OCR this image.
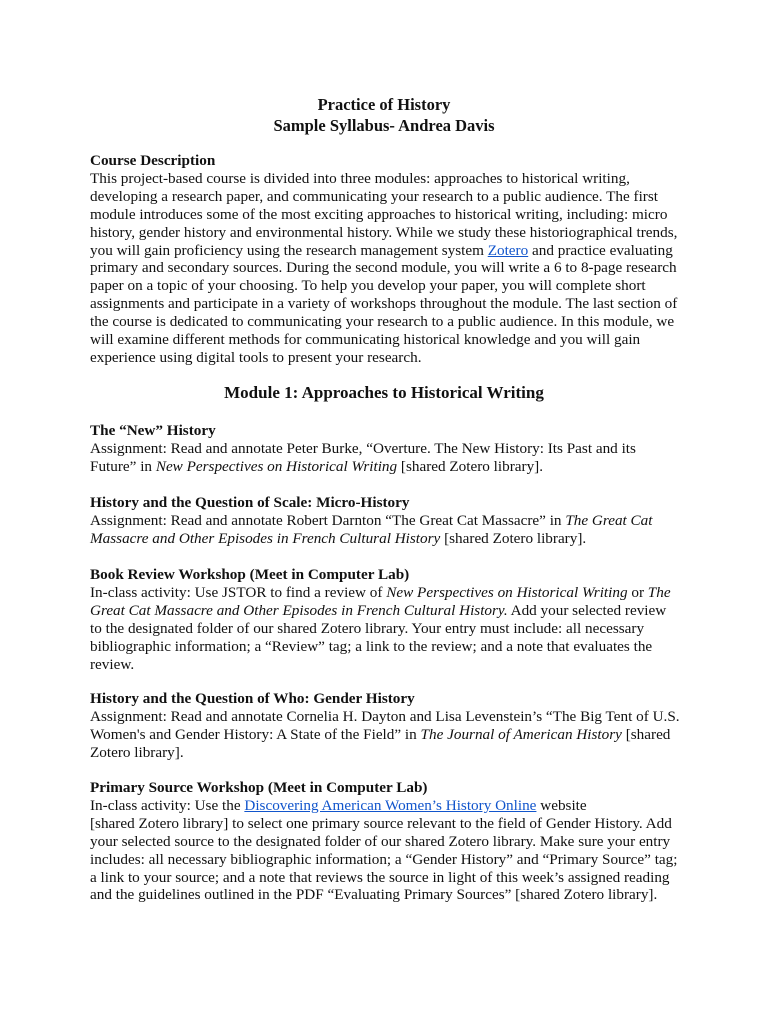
Practice of History
Sample Syllabus- Andrea Davis
Course Description
This project-based course is divided into three modules: approaches to historical writing,
developing a research paper, and communicating your research to a public audience. The first
module introduces some of the most exciting approaches to historical writing, including: micro
history, gender history and environmental history. While we study these historiographical trends,
you will gain proficiency using the research management system Zotero and practice evaluating
primary and secondary sources. During the second module, you will write a 6 to 8-page research
paper on a topic of your choosing. To help you develop your paper, you will complete short
assignments and participate in a variety of workshops throughout the module. The last section of
the course is dedicated to communicating your research to a public audience. In this module, we
will examine different methods for communicating historical knowledge and you will gain
experience using digital tools to present your research.
Module 1: Approaches to Historical Writing
The “New” History
Assignment: Read and annotate Peter Burke, “Overture. The New History: Its Past and its
Future” in New Perspectives on Historical Writing [shared Zotero library].
History and the Question of Scale: Micro-History
Assignment: Read and annotate Robert Darnton “The Great Cat Massacre” in The Great Cat
Massacre and Other Episodes in French Cultural History [shared Zotero library].
Book Review Workshop (Meet in Computer Lab)
In-class activity: Use JSTOR to find a review of New Perspectives on Historical Writing or The
Great Cat Massacre and Other Episodes in French Cultural History. Add your selected review
to the designated folder of our shared Zotero library. Your entry must include: all necessary
bibliographic information; a “Review” tag; a link to the review; and a note that evaluates the
review.
History and the Question of Who: Gender History
Assignment: Read and annotate Cornelia H. Dayton and Lisa Levenstein’s “The Big Tent of U.S.
Women's and Gender History: A State of the Field” in The Journal of American History [shared
Zotero library].
Primary Source Workshop (Meet in Computer Lab)
In-class activity: Use the Discovering American Women’s History Online website
[shared Zotero library] to select one primary source relevant to the field of Gender History. Add
your selected source to the designated folder of our shared Zotero library. Make sure your entry
includes: all necessary bibliographic information; a “Gender History” and “Primary Source” tag;
a link to your source; and a note that reviews the source in light of this week’s assigned reading
and the guidelines outlined in the PDF “Evaluating Primary Sources” [shared Zotero library].
